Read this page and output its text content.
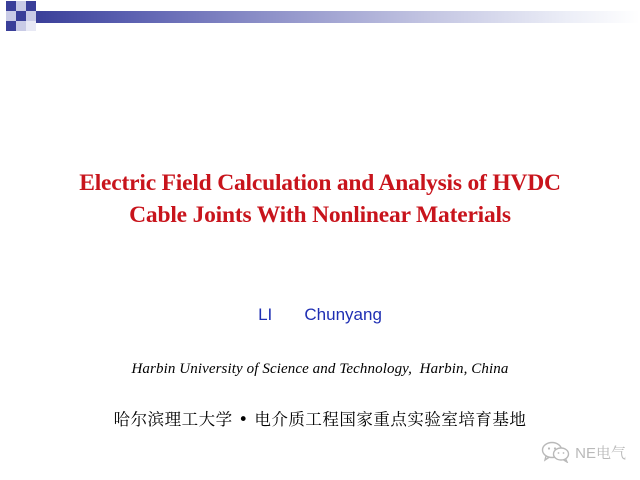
Electric Field Calculation and Analysis of HVDC
Cable Joints With Nonlinear Materials
LI   Chunyang
Harbin University of Science and Technology,  Harbin, China
哈尔滨理工大学 • 电介质工程国家重点实验室培育基地
NE电气
